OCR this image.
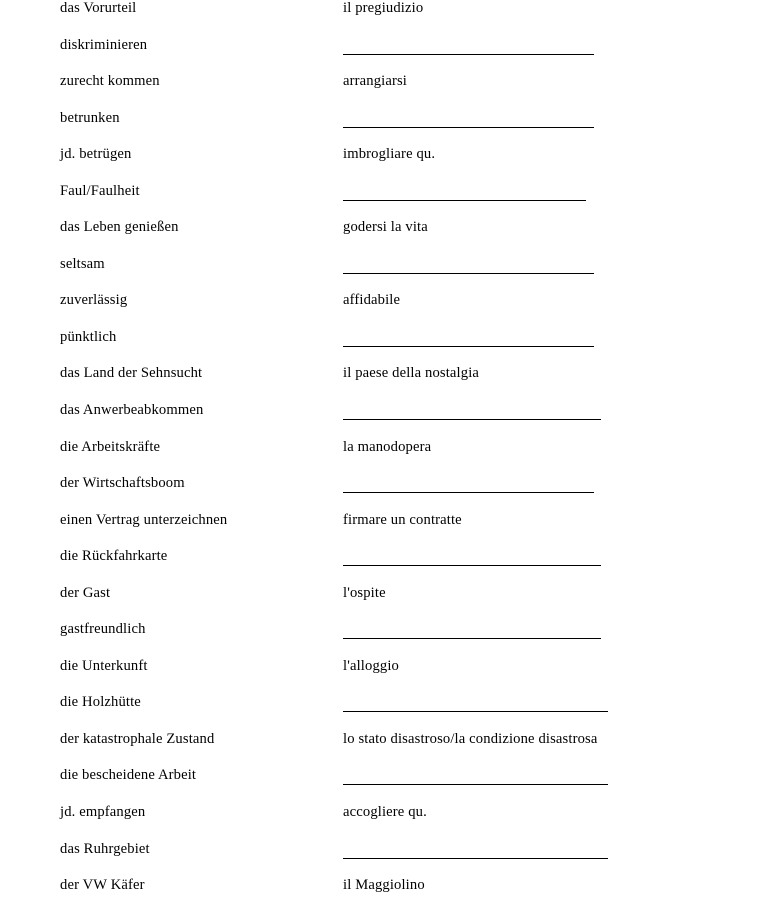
das Vorurteil	il pregiudizio
diskriminieren
zurecht kommen	arrangiarsi
betrunken
jd. betrügen	imbrogliare qu.
Faul/Faulheit
das Leben genießen	godersi la vita
seltsam
zuverlässig	affidabile
pünktlich
das Land der Sehnsucht	il paese della nostalgia
das Anwerbeabkommen
die Arbeitskräfte	la manodopera
der Wirtschaftsboom
einen Vertrag unterzeichnen	firmare un contratte
die Rückfahrkarte
der Gast	l'ospite
gastfreundlich
die Unterkunft	l'alloggio
die Holzhütte
der katastrophale Zustand	lo stato disastroso/la condizione disastrosa
die bescheidene Arbeit
jd. empfangen	accogliere qu.
das Ruhrgebiet
der VW Käfer	il Maggiolino
